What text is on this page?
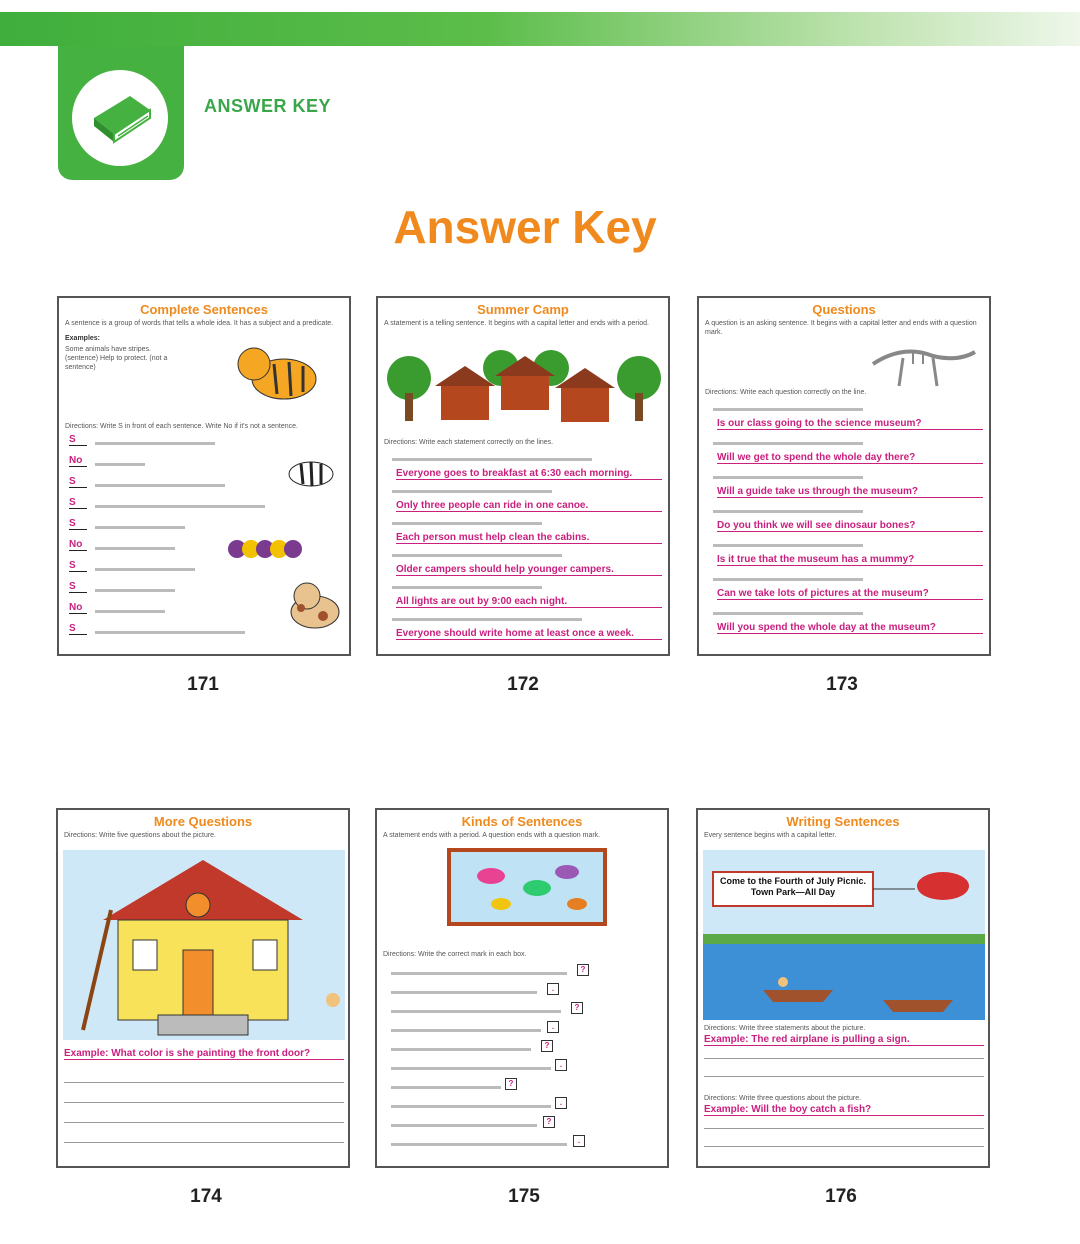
ANSWER KEY
Answer Key
Complete Sentences
A sentence is a group of words that tells a whole idea. It has a subject and a predicate.
Examples:
Some animals have stripes. (sentence) Help to protect. (not a sentence)
Directions: Write S in front of each sentence. Write No if it's not a sentence.
S
No
S
S
S
No
S
S
No
S
171
Summer Camp
A statement is a telling sentence. It begins with a capital letter and ends with a period.
Directions: Write each statement correctly on the lines.
Everyone goes to breakfast at 6:30 each morning.
Only three people can ride in one canoe.
Each person must help clean the cabins.
Older campers should help younger campers.
All lights are out by 9:00 each night.
Everyone should write home at least once a week.
172
Questions
A question is an asking sentence. It begins with a capital letter and ends with a question mark.
Directions: Write each question correctly on the line.
Is our class going to the science museum?
Will we get to spend the whole day there?
Will a guide take us through the museum?
Do you think we will see dinosaur bones?
Is it true that the museum has a mummy?
Can we take lots of pictures at the museum?
Will you spend the whole day at the museum?
173
More Questions
Directions: Write five questions about the picture.
Example: What color is she painting the front door?
174
Kinds of Sentences
A statement ends with a period. A question ends with a question mark.
Directions: Write the correct mark in each box.
?
.
?
.
?
.
?
.
?
.
175
Writing Sentences
Every sentence begins with a capital letter.
Come to the Fourth of July Picnic. Town Park—All Day
Directions: Write three statements about the picture.
Example: The red airplane is pulling a sign.
Directions: Write three questions about the picture.
Example: Will the boy catch a fish?
176
